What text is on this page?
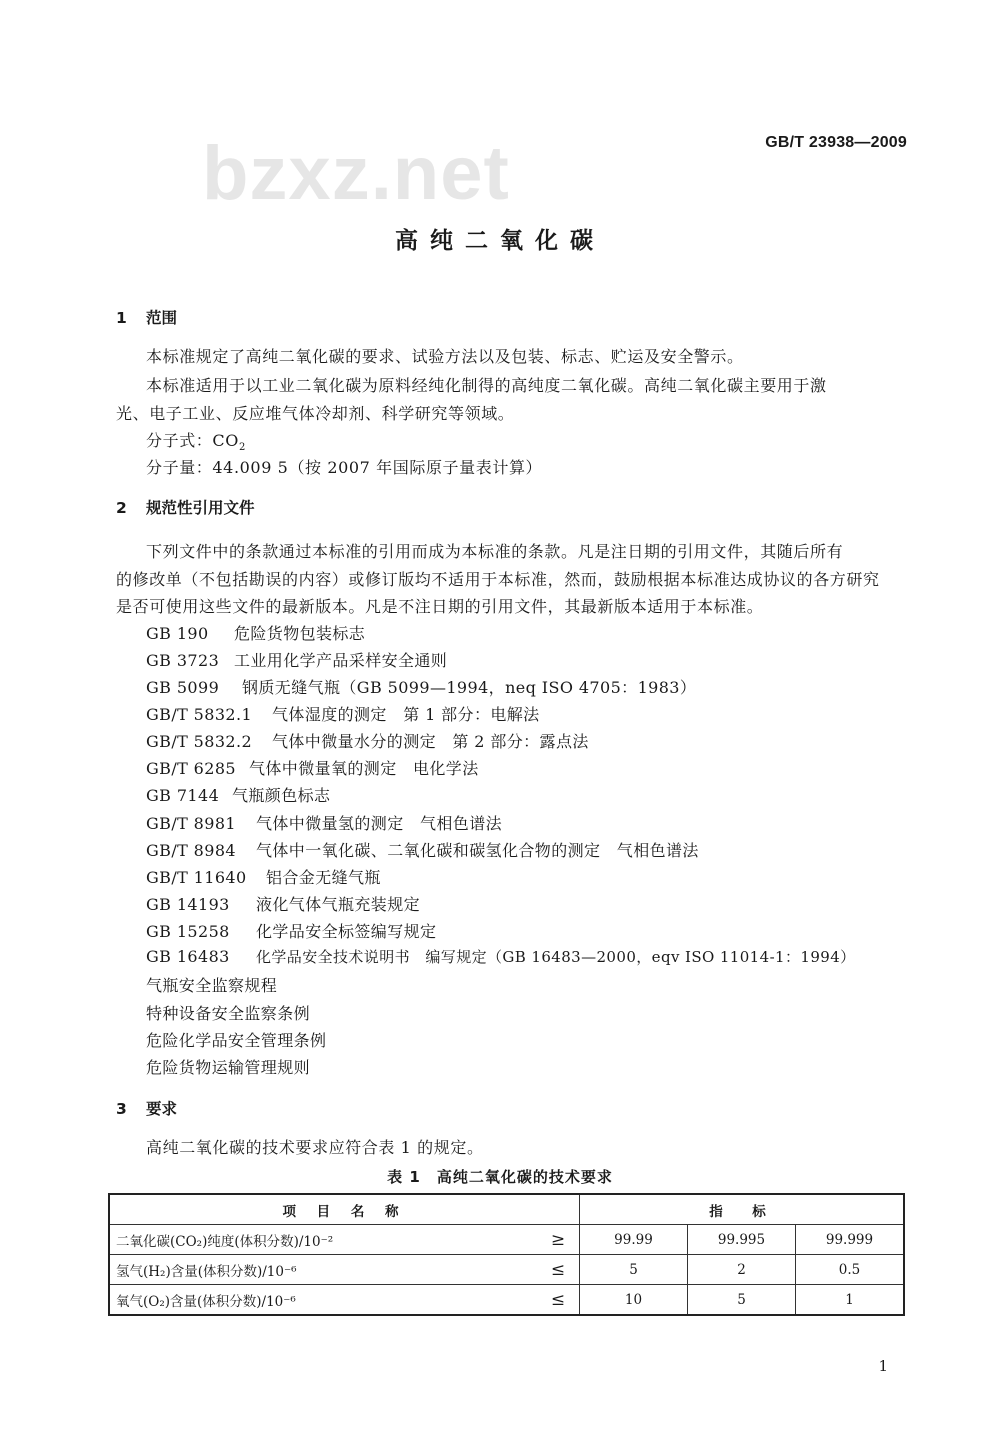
bzxz.net	GB/T 23938—2009
高纯二氧化碳
1 范围
本标准规定了高纯二氧化碳的要求、试验方法以及包装、标志、贮运及安全警示。
本标准适用于以工业二氧化碳为原料经纯化制得的高纯度二氧化碳。高纯二氧化碳主要用于激
光、电子工业、反应堆气体冷却剂、科学研究等领域。
分子式：$CO_2$
分子量：44.009 5（按 2007 年国际原子量表计算）
2 规范性引用文件
下列文件中的条款通过本标准的引用而成为本标准的条款。凡是注日期的引用文件，其随后所有
的修改单（不包括勘误的内容）或修订版均不适用于本标准，然而，鼓励根据本标准达成协议的各方研究
是否可使用这些文件的最新版本。凡是不注日期的引用文件，其最新版本适用于本标准。
GB 190 危险货物包装标志
GB 3723 工业用化学产品采样安全通则
GB 5099 钢质无缝气瓶（GB 5099—1994，neq ISO 4705：1983）
GB/T 5832.1 气体湿度的测定　第 1 部分：电解法
GB/T 5832.2 气体中微量水分的测定　第 2 部分：露点法
GB/T 6285 气体中微量氧的测定　电化学法
GB 7144 气瓶颜色标志
GB/T 8981 气体中微量氢的测定　气相色谱法
GB/T 8984 气体中一氧化碳、二氧化碳和碳氢化合物的测定　气相色谱法
GB/T 11640 铝合金无缝气瓶
GB 14193 液化气体气瓶充装规定
GB 15258 化学品安全标签编写规定
GB 16483 化学品安全技术说明书　编写规定（GB 16483—2000，eqv ISO 11014-1：1994）
气瓶安全监察规程
特种设备安全监察条例
危险化学品安全管理条例
危险货物运输管理规则
3 要求
高纯二氧化碳的技术要求应符合表 1 的规定。
表 1　高纯二氧化碳的技术要求
项 目 名 称		指　标		
二氧化碳(CO₂)纯度(体积分数)/10⁻²	≥	99.99	99.995	99.999
氢气(H₂)含量(体积分数)/10⁻⁶	≤	5	2	0.5
氧气(O₂)含量(体积分数)/10⁻⁶	≤	10	5	1
1
